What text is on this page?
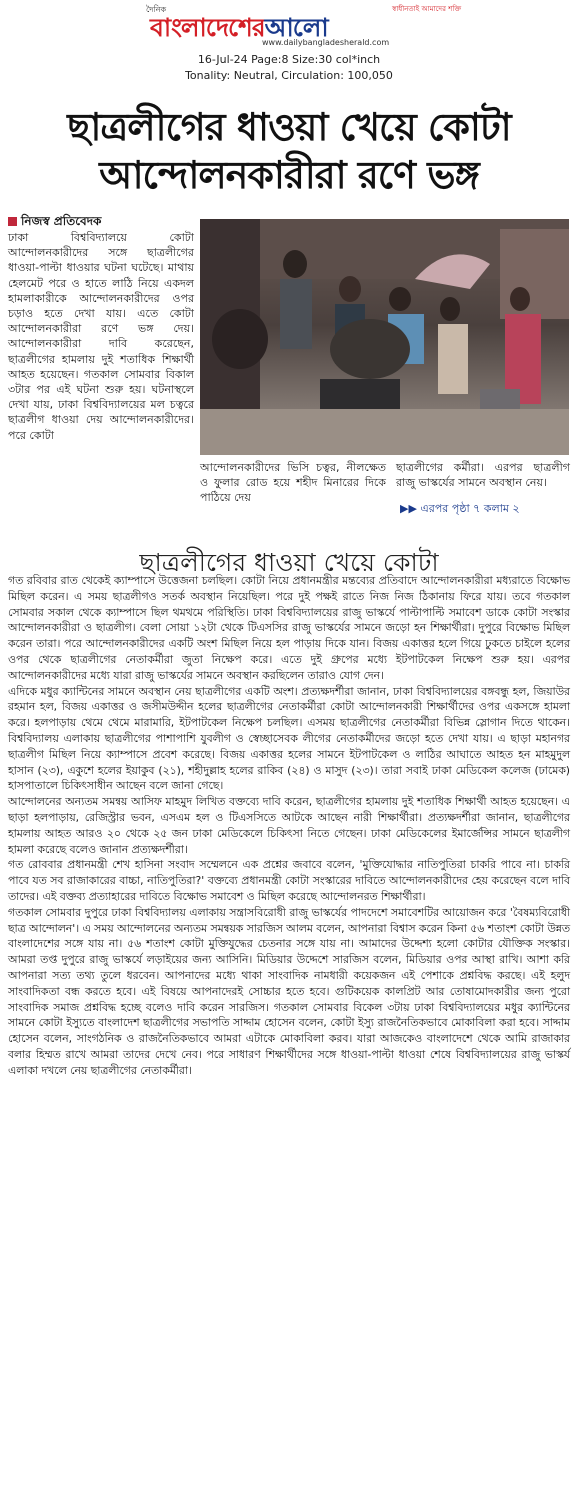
দৈনিক
বাংলাদেশেরআলো
স্বাধীনতাই আমাদের শক্তি
www.dailybangladesherald.com
16-Jul-24 Page:8 Size:30 col*inch
Tonality: Neutral, Circulation: 100,050
ছাত্রলীগের ধাওয়া খেয়ে কোটা
আন্দোলনকারীরা রণে ভঙ্গ
নিজস্ব প্রতিবেদক
ঢাকা বিশ্ববিদ্যালয়ে কোটা আন্দোলনকারীদের সঙ্গে ছাত্রলীগের ধাওয়া-পাল্টা ধাওয়ার ঘটনা ঘটেছে। মাথায় হেলমেট পরে ও হাতে লাঠি নিয়ে একদল হামলাকারীকে আন্দোলনকারীদের ওপর চড়াও হতে দেখা যায়। এতে কোটা আন্দোলনকারীরা রণে ভঙ্গ দেয়। আন্দোলনকারীরা দাবি করেছেন, ছাত্রলীগের হামলায় দুই শতাধিক শিক্ষার্থী আহত হয়েছেন। গতকাল সোমবার বিকাল ৩টার পর এই ঘটনা শুরু হয়। ঘটনাস্থলে দেখা যায়, ঢাকা বিশ্ববিদ্যালয়ের মল চত্বরে ছাত্রলীগ ধাওয়া দেয় আন্দোলনকারীদের। পরে কোটা
আন্দোলনকারীদের ভিসি চত্বর, নীলক্ষেত ও ফুলার রোড হয়ে শহীদ মিনারের দিকে পাঠিয়ে দেয়
ছাত্রলীগের কর্মীরা। এরপর ছাত্রলীগ রাজু ভাস্কর্যের সামনে অবস্থান নেয়।
▶▶ এরপর পৃষ্ঠা ৭ কলাম ২
ছাত্রলীগের ধাওয়া খেয়ে কোটা

গত রবিবার রাত থেকেই ক্যাম্পাসে উত্তেজনা চলছিল। কোটা নিয়ে প্রধানমন্ত্রীর মন্তব্যের প্রতিবাদে আন্দোলনকারীরা মধ্যরাতে বিক্ষোভ মিছিল করেন। এ সময় ছাত্রলীগও সতর্ক অবস্থান নিয়েছিল। পরে দুই পক্ষই রাতে নিজ নিজ ঠিকানায় ফিরে যায়। তবে গতকাল সোমবার সকাল থেকে ক্যাম্পাসে ছিল থমথমে পরিস্থিতি। ঢাকা বিশ্ববিদ্যালয়ের রাজু ভাস্কর্যে পাল্টাপাল্টি সমাবেশ ডাকে কোটা সংস্কার আন্দোলনকারীরা ও ছাত্রলীগ। বেলা সোয়া ১২টা থেকে টিএসসির রাজু ভাস্কর্যের সামনে জড়ো হন শিক্ষার্থীরা। দুপুরে বিক্ষোভ মিছিল করেন তারা। পরে আন্দোলনকারীদের একটি অংশ মিছিল নিয়ে হল পাড়ায় দিকে যান। বিজয় একাত্তর হলে গিয়ে ঢুকতে চাইলে হলের ওপর থেকে ছাত্রলীগের নেতাকর্মীরা জুতা নিক্ষেপ করে। এতে দুই গ্রুপের মধ্যে ইটপাটকেল নিক্ষেপ শুরু হয়। এরপর আন্দোলনকারীদের মধ্যে যারা রাজু ভাস্কর্যের সামনে অবস্থান করছিলেন তারাও যোগ দেন।

এদিকে মধুর ক্যান্টিনের সামনে অবস্থান নেয় ছাত্রলীগের একটি অংশ। প্রত্যক্ষদর্শীরা জানান, ঢাকা বিশ্ববিদ্যালয়ের বঙ্গবন্ধু হল, জিয়াউর রহমান হল, বিজয় একাত্তর ও জসীমউদ্দীন হলের ছাত্রলীগের নেতাকর্মীরা কোটা আন্দোলনকারী শিক্ষার্থীদের ওপর একসঙ্গে হামলা করে। হলপাড়ায় থেমে থেমে মারামারি, ইটপাটকেল নিক্ষেপ চলছিল। এসময় ছাত্রলীগের নেতাকর্মীরা বিভিন্ন স্লোগান দিতে থাকেন। বিশ্ববিদ্যালয় এলাকায় ছাত্রলীগের পাশাপাশি যুবলীগ ও স্বেচ্ছাসেবক লীগের নেতাকর্মীদের জড়ো হতে দেখা যায়। এ ছাড়া মহানগর ছাত্রলীগ মিছিল নিয়ে ক্যাম্পাসে প্রবেশ করেছে। বিজয় একাত্তর হলের সামনে ইটপাটকেল ও লাঠির আঘাতে আহত হন মাহমুদুল হাসান (২৩), একুশে হলের ইয়াকুব (২১), শহীদুল্লাহ হলের রাকিব (২৪) ও মাসুদ (২৩)। তারা সবাই ঢাকা মেডিকেল কলেজ (ঢামেক) হাসপাতালে চিকিৎসাধীন আছেন বলে জানা গেছে।

আন্দোলনের অন্যতম সমন্বয় আসিফ মাহমুদ লিখিত বক্তব্যে দাবি করেন, ছাত্রলীগের হামলায় দুই শতাধিক শিক্ষার্থী আহত হয়েছেন। এ ছাড়া হলপাড়ায়, রেজিস্ট্রার ভবন, এসএম হল ও টিএসসিতে আটকে আছেন নারী শিক্ষার্থীরা। প্রত্যক্ষদর্শীরা জানান, ছাত্রলীগের হামলায় আহত আরও ২০ থেকে ২৫ জন ঢাকা মেডিকেলে চিকিৎসা নিতে গেছেন। ঢাকা মেডিকেলের ইমার্জেন্সির সামনে ছাত্রলীগ হামলা করেছে বলেও জানান প্রত্যক্ষদর্শীরা।

গত রোববার প্রধানমন্ত্রী শেখ হাসিনা সংবাদ সম্মেলনে এক প্রশ্নের জবাবে বলেন, 'মুক্তিযোদ্ধার নাতিপুতিরা চাকরি পাবে না। চাকরি পাবে যত সব রাজাকারের বাচ্চা, নাতিপুতিরা?' বক্তব্যে প্রধানমন্ত্রী কোটা সংস্কারের দাবিতে আন্দোলনকারীদের হেয় করেছেন বলে দাবি তাদের। এই বক্তব্য প্রত্যাহারের দাবিতে বিক্ষোভ সমাবেশ ও মিছিল করেছে আন্দোলনরত শিক্ষার্থীরা।

গতকাল সোমবার দুপুরে ঢাকা বিশ্ববিদ্যালয় এলাকায় সন্ত্রাসবিরোধী রাজু ভাস্কর্যের পাদদেশে সমাবেশটির আয়োজন করে 'বৈষম্যবিরোধী ছাত্র আন্দোলন'। এ সময় আন্দোলনের অন্যতম সমন্বয়ক সারজিস আলম বলেন, আপনারা বিশ্বাস করেন কিনা ৫৬ শতাংশ কোটা উন্নত বাংলাদেশের সঙ্গে যায় না। ৫৬ শতাংশ কোটা মুক্তিযুদ্ধের চেতনার সঙ্গে যায় না। আমাদের উদ্দেশ্য হলো কোটার যৌক্তিক সংস্কার। আমরা তপ্ত দুপুরে রাজু ভাস্কর্যে লড়াইয়ের জন্য আসিনি। মিডিয়ার উদ্দেশে সারজিস বলেন, মিডিয়ার ওপর আস্থা রাখি। আশা করি আপনারা সত্য তথ্য তুলে ধরবেন। আপনাদের মধ্যে থাকা সাংবাদিক নামধারী কয়েকজন এই পেশাকে প্রশ্নবিদ্ধ করছে। এই হলুদ সাংবাদিকতা বন্ধ করতে হবে। এই বিষয়ে আপনাদেরই সোচ্চার হতে হবে। গুটিকয়েক কালপ্রিট আর তোষামোদকারীর জন্য পুরো সাংবাদিক সমাজ প্রশ্নবিদ্ধ হচ্ছে বলেও দাবি করেন সারজিস। গতকাল সোমবার বিকেল ৩টায় ঢাকা বিশ্ববিদ্যালয়ের মধুর ক্যান্টিনের সামনে কোটা ইস্যুতে বাংলাদেশ ছাত্রলীগের সভাপতি সাদ্দাম হোসেন বলেন, কোটা ইস্যু রাজনৈতিকভাবে মোকাবিলা করা হবে। সাদ্দাম হোসেন বলেন, সাংগঠনিক ও রাজনৈতিকভাবে আমরা এটাকে মোকাবিলা করব। যারা আজকেও বাংলাদেশে থেকে আমি রাজাকার বলার হিম্মত রাখে আমরা তাদের দেখে নেব। পরে সাধারণ শিক্ষার্থীদের সঙ্গে ধাওয়া-পাল্টা ধাওয়া শেষে বিশ্ববিদ্যালয়ের রাজু ভাস্কর্য এলাকা দখলে নেয় ছাত্রলীগের নেতাকর্মীরা।
